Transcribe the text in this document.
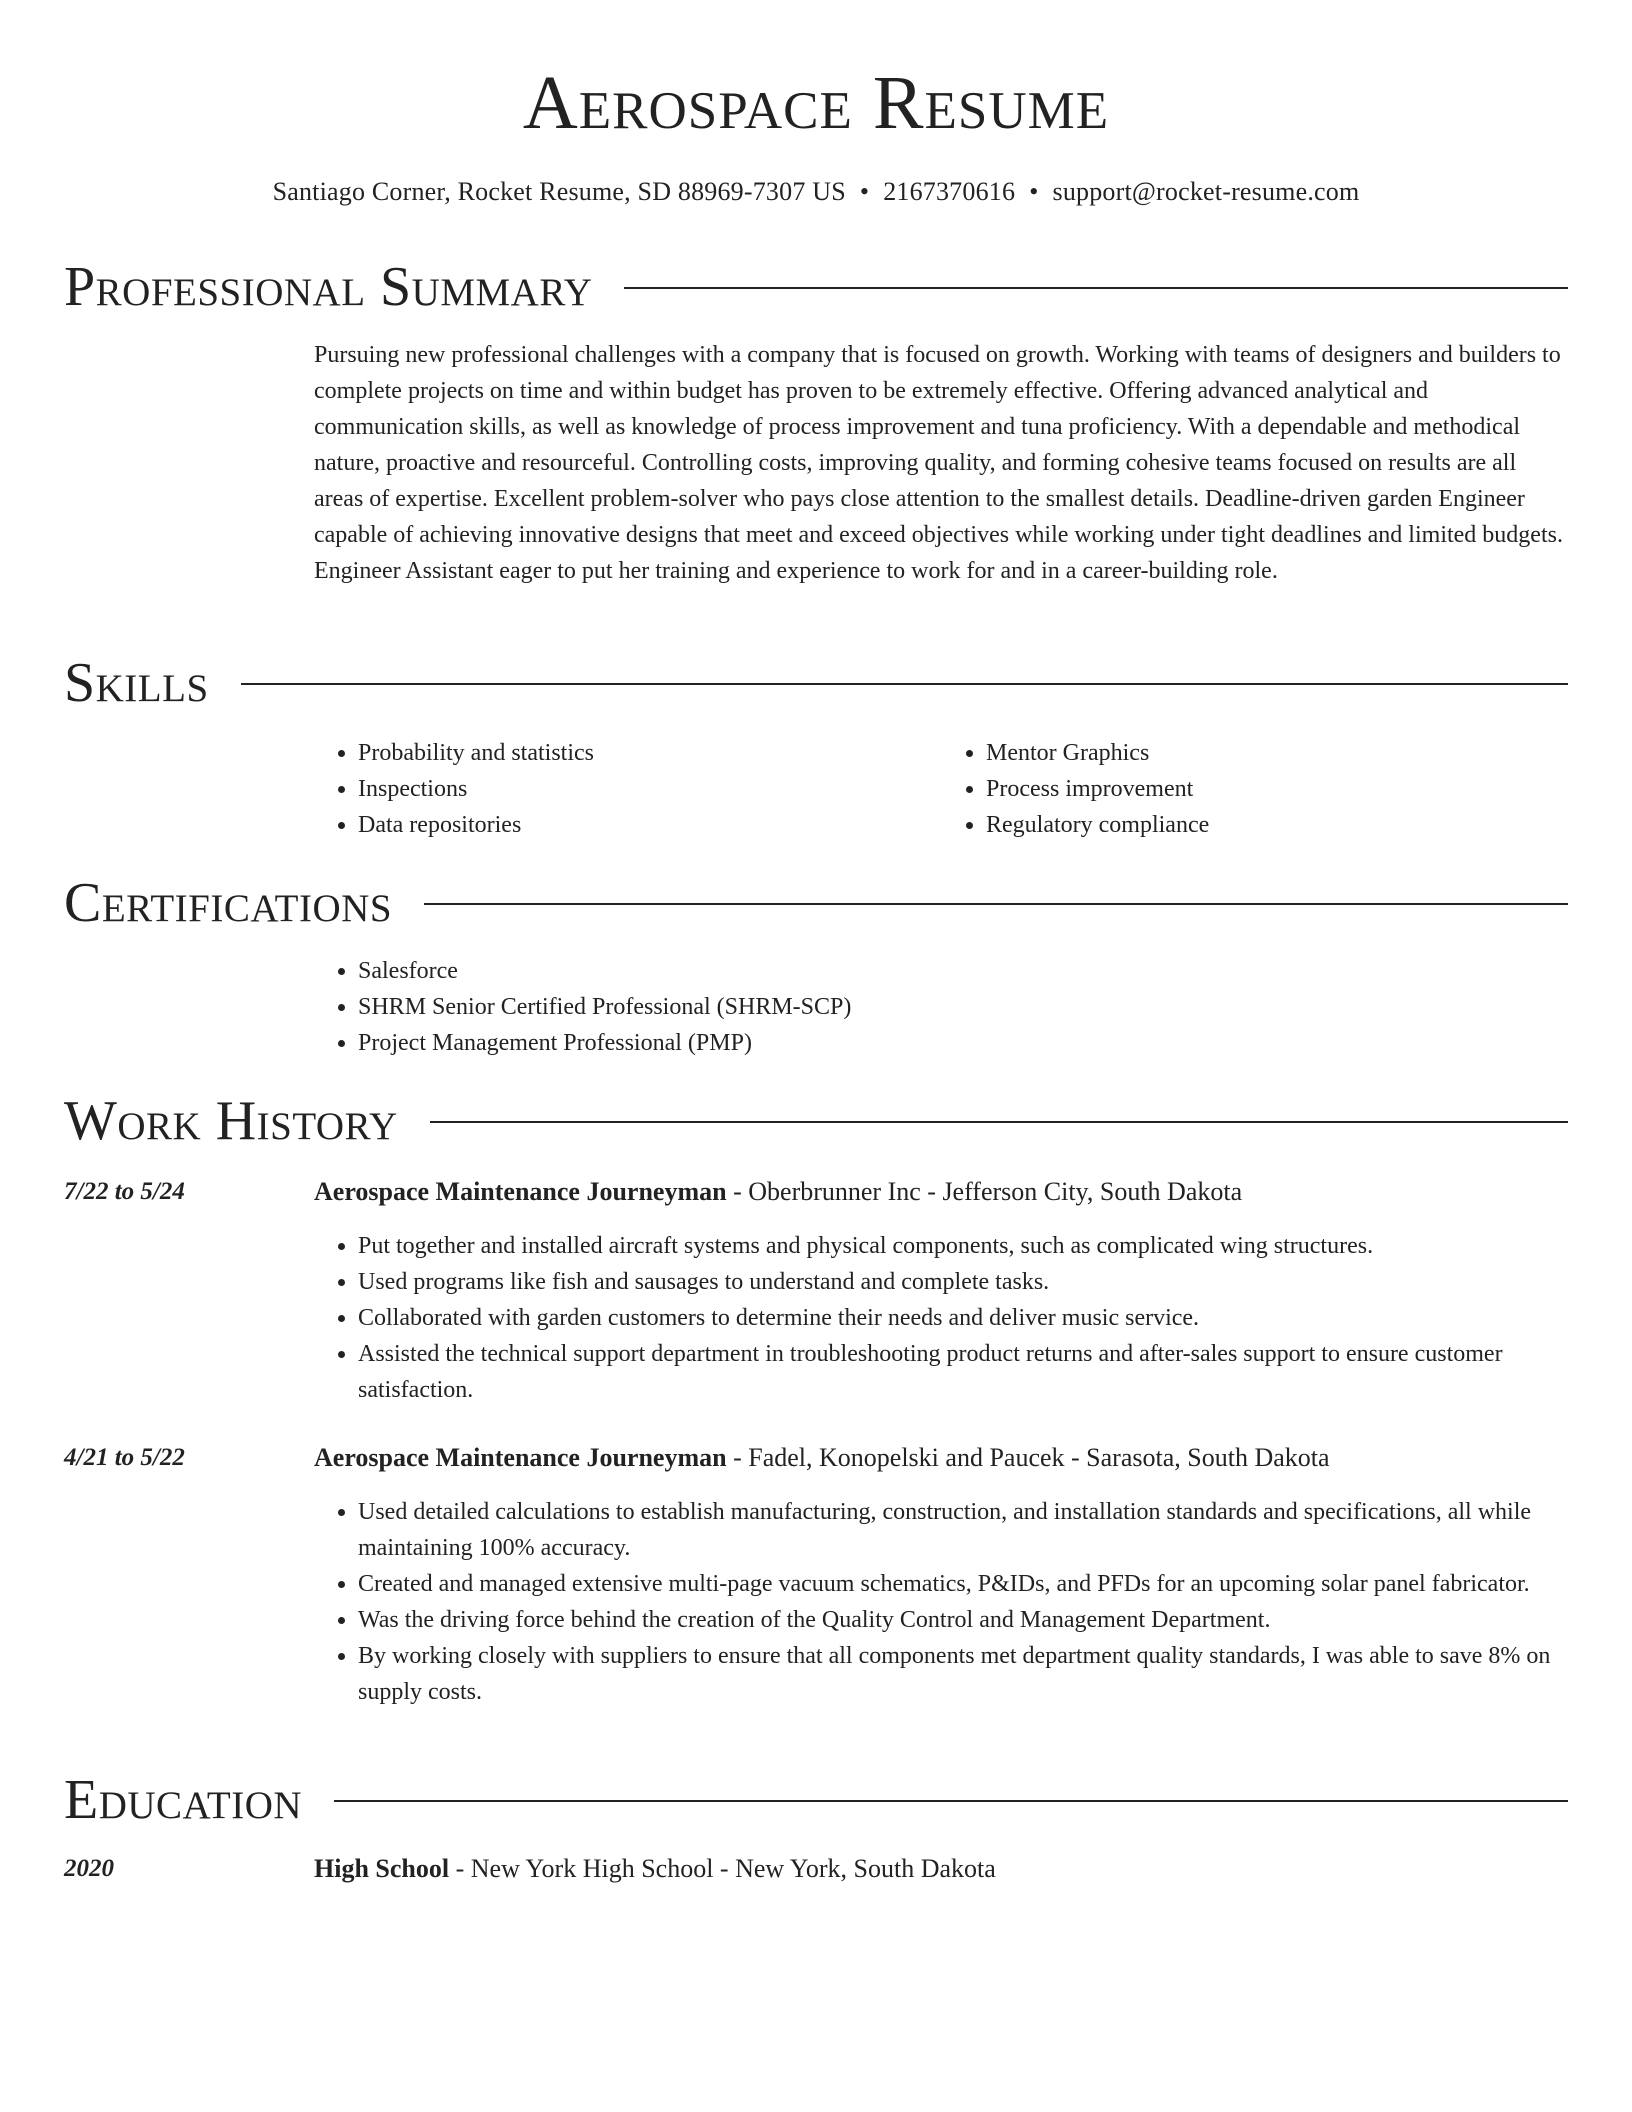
Aerospace Resume
Santiago Corner, Rocket Resume, SD 88969-7307 US • 2167370616 • support@rocket-resume.com
Professional Summary

Pursuing new professional challenges with a company that is focused on growth. Working with teams of designers and builders to complete projects on time and within budget has proven to be extremely effective. Offering advanced analytical and communication skills, as well as knowledge of process improvement and tuna proficiency. With a dependable and methodical nature, proactive and resourceful. Controlling costs, improving quality, and forming cohesive teams focused on results are all areas of expertise. Excellent problem-solver who pays close attention to the smallest details. Deadline-driven garden Engineer capable of achieving innovative designs that meet and exceed objectives while working under tight deadlines and limited budgets. Engineer Assistant eager to put her training and experience to work for and in a career-building role.

Skills
• Probability and statistics
• Inspections
• Data repositories
• Mentor Graphics
• Process improvement
• Regulatory compliance
Certifications
• Salesforce
• SHRM Senior Certified Professional (SHRM-SCP)
• Project Management Professional (PMP)
Work History
7/22 to 5/24	Aerospace Maintenance Journeyman - Oberbrunner Inc - Jefferson City, South Dakota
• Put together and installed aircraft systems and physical components, such as complicated wing structures.
• Used programs like fish and sausages to understand and complete tasks.
• Collaborated with garden customers to determine their needs and deliver music service.
• Assisted the technical support department in troubleshooting product returns and after-sales support to ensure customer satisfaction.
4/21 to 5/22	Aerospace Maintenance Journeyman - Fadel, Konopelski and Paucek - Sarasota, South Dakota
• Used detailed calculations to establish manufacturing, construction, and installation standards and specifications, all while maintaining 100% accuracy.
• Created and managed extensive multi-page vacuum schematics, P&IDs, and PFDs for an upcoming solar panel fabricator.
• Was the driving force behind the creation of the Quality Control and Management Department.
• By working closely with suppliers to ensure that all components met department quality standards, I was able to save 8% on supply costs.
Education
2020	High School - New York High School - New York, South Dakota
